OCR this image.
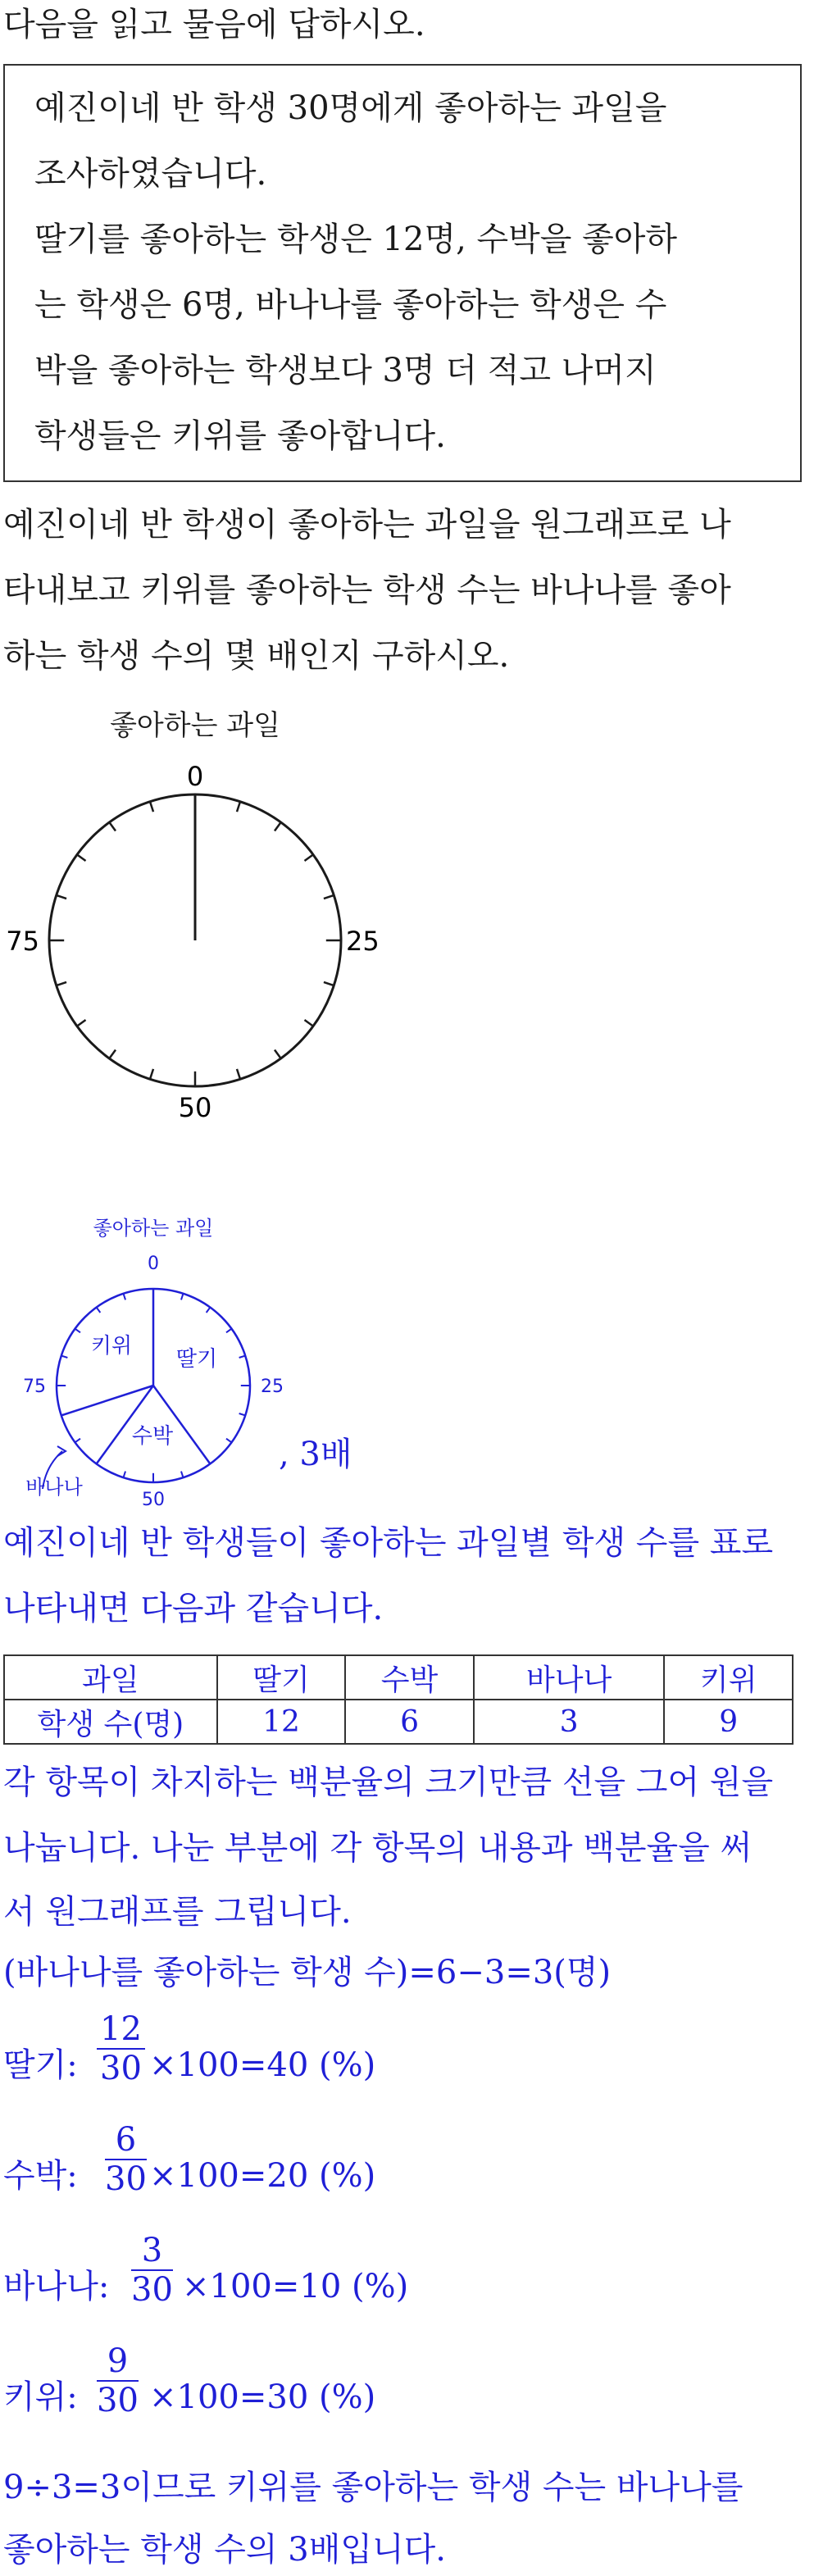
다음을 읽고 물음에 답하시오.
예진이네 반 학생 30명에게 좋아하는 과일을
조사하였습니다.
딸기를 좋아하는 학생은 12명, 수박을 좋아하
는 학생은 6명, 바나나를 좋아하는 학생은 수
박을 좋아하는 학생보다 3명 더 적고 나머지
학생들은 키위를 좋아합니다.
예진이네 반 학생이 좋아하는 과일을 원그래프로 나
타내보고 키위를 좋아하는 학생 수는 바나나를 좋아
하는 학생 수의 몇 배인지 구하시오.
좋아하는 과일
0
25
50
75
좋아하는 과일
0
25
50
75
딸기
수박
키위
바나나
, 3배
예진이네 반 학생들이 좋아하는 과일별 학생 수를 표로
나타내면 다음과 같습니다.
과일	딸기	수박	바나나	키위
학생 수(명)	12	6	3	9
각 항목이 차지하는 백분율의 크기만큼 선을 그어 원을
나눕니다. 나눈 부분에 각 항목의 내용과 백분율을 써
서 원그래프를 그립니다.
(바나나를 좋아하는 학생 수)=6−3=3(명)
딸기: $\frac{12}{30} \times 100=40$ (%)
수박: $\frac{6}{30} \times 100=20$ (%)
바나나: $\frac{3}{30} \times 100=10$ (%)
키위: $\frac{9}{30} \times 100=30$ (%)
9÷3=3이므로 키위를 좋아하는 학생 수는 바나나를
좋아하는 학생 수의 3배입니다.
